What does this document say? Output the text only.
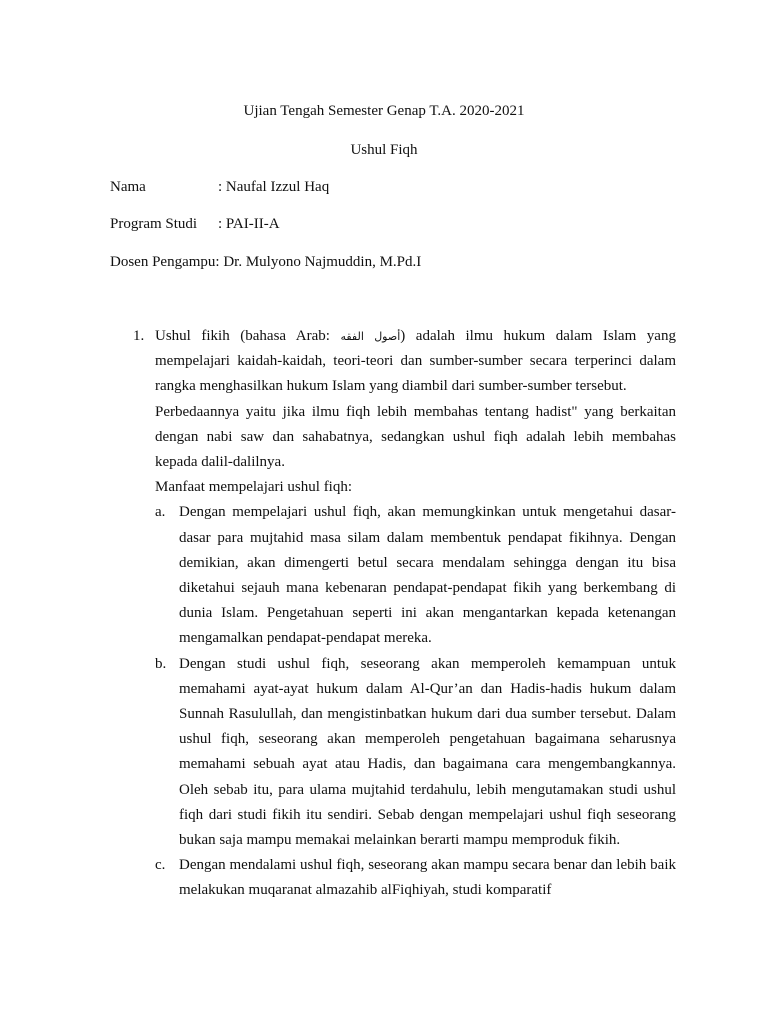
Ujian Tengah Semester Genap T.A. 2020-2021
Ushul Fiqh
Nama	: Naufal Izzul Haq
Program Studi : PAI-II-A
Dosen Pengampu: Dr. Mulyono Najmuddin, M.Pd.I
1. Ushul fikih (bahasa Arab: أصول الفقه) adalah ilmu hukum dalam Islam yang mempelajari kaidah-kaidah, teori-teori dan sumber-sumber secara terperinci dalam rangka menghasilkan hukum Islam yang diambil dari sumber-sumber tersebut.

Perbedaannya yaitu jika ilmu fiqh lebih membahas tentang hadist" yang berkaitan dengan nabi saw dan sahabatnya, sedangkan ushul fiqh adalah lebih membahas kepada dalil-dalilnya.

Manfaat mempelajari ushul fiqh:

a. Dengan mempelajari ushul fiqh, akan memungkinkan untuk mengetahui dasar-dasar para mujtahid masa silam dalam membentuk pendapat fikihnya. Dengan demikian, akan dimengerti betul secara mendalam sehingga dengan itu bisa diketahui sejauh mana kebenaran pendapat-pendapat fikih yang berkembang di dunia Islam. Pengetahuan seperti ini akan mengantarkan kepada ketenangan mengamalkan pendapat-pendapat mereka.

b. Dengan studi ushul fiqh, seseorang akan memperoleh kemampuan untuk memahami ayat-ayat hukum dalam Al-Qur’an dan Hadis-hadis hukum dalam Sunnah Rasulullah, dan mengistinbatkan hukum dari dua sumber tersebut. Dalam ushul fiqh, seseorang akan memperoleh pengetahuan bagaimana seharusnya memahami sebuah ayat atau Hadis, dan bagaimana cara mengembangkannya. Oleh sebab itu, para ulama mujtahid terdahulu, lebih mengutamakan studi ushul fiqh dari studi fikih itu sendiri. Sebab dengan mempelajari ushul fiqh seseorang bukan saja mampu memakai melainkan berarti mampu memproduk fikih.

c. Dengan mendalami ushul fiqh, seseorang akan mampu secara benar dan lebih baik melakukan muqaranat almazahib alFiqhiyah, studi komparatif
